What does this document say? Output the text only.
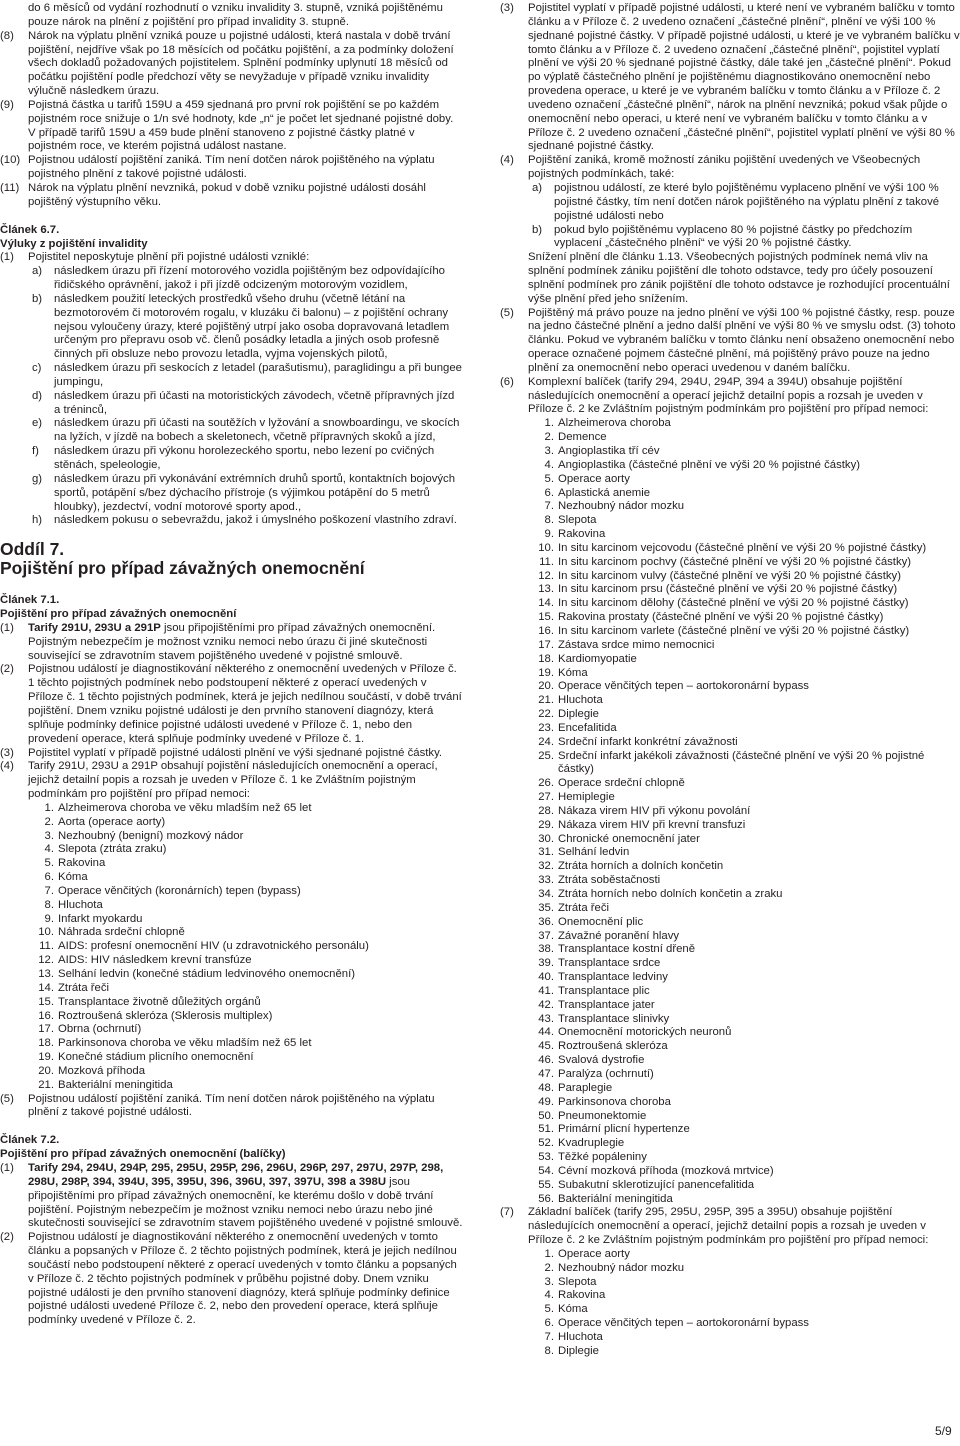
do 6 měsíců od vydání rozhodnutí o vzniku invalidity 3. stupně, vzniká pojištěnému pouze nárok na plnění z pojištění pro případ invalidity 3. stupně.
(8) Nárok na výplatu plnění vzniká pouze u pojistné události, která nastala v době trvání pojištění, nejdříve však po 18 měsících od počátku pojištění, a za podmínky doložení všech dokladů požadovaných pojistitelem. Splnění podmínky uplynutí 18 měsíců od počátku pojištění podle předchozí věty se nevyžaduje v případě vzniku invalidity výlučně následkem úrazu.
(9) Pojistná částka u tarifů 159U a 459 sjednaná pro první rok pojištění se po každém pojistném roce snižuje o 1/n své hodnoty, kde „n“ je počet let sjednané pojistné doby. V případě tarifů 159U a 459 bude plnění stanoveno z pojistné částky platné v pojistném roce, ve kterém pojistná událost nastane.
(10) Pojistnou událostí pojištění zaniká. Tím není dotčen nárok pojištěného na výplatu pojistného plnění z takové pojistné události.
(11) Nárok na výplatu plnění nevzniká, pokud v době vzniku pojistné události dosáhl pojištěný výstupního věku.
Článek 6.7.
Výluky z pojištění invalidity
(1) Pojistitel neposkytuje plnění při pojistné události vzniklé:
a) následkem úrazu při řízení motorového vozidla pojištěným bez odpovídajícího řidičského oprávnění, jakož i při jízdě odcizeným motorovým vozidlem,
b) následkem použití leteckých prostředků všeho druhu (včetně létání na bezmotorovém či motorovém rogalu, v kluzáku či balonu) – z pojištění ochrany nejsou vyloučeny úrazy, které pojištěný utrpí jako osoba dopravovaná letadlem určeným pro přepravu osob vč. členů posádky letadla a jiných osob profesně činných při obsluze nebo provozu letadla, vyjma vojenských pilotů,
c) následkem úrazu při seskocích z letadel (parašutismu), paraglidingu a při bungee jumpingu,
d) následkem úrazu při účasti na motoristických závodech, včetně přípravných jízd a tréninců,
e) následkem úrazu při účasti na soutěžích v lyžování a snowboardingu, ve skocích na lyžích, v jízdě na bobech a skeletonech, včetně přípravných skoků a jízd,
f) následkem úrazu při výkonu horolezeckého sportu, nebo lezení po cvičných stěnách, speleologie,
g) následkem úrazu při vykonávání extrémních druhů sportů, kontaktních bojových sportů, potápění s/bez dýchacího přístroje (s výjimkou potápění do 5 metrů hloubky), jezdectví, vodní motorové sporty apod.,
h) následkem pokusu o sebevraždu, jakož i úmyslného poškození vlastního zdraví.
Oddíl 7.
Pojištění pro případ závažných onemocnění
Článek 7.1.
Pojištění pro případ závažných onemocnění
(1) Tarify 291U, 293U a 291P jsou připojištěními pro případ závažných onemocnění. Pojistným nebezpečím je možnost vzniku nemoci nebo úrazu či jiné skutečnosti související se zdravotním stavem pojištěného uvedené v pojistné smlouvě.
(2) Pojistnou událostí je diagnostikování některého z onemocnění uvedených v Příloze č. 1 těchto pojistných podmínek nebo podstoupení některé z operací uvedených v Příloze č. 1 těchto pojistných podmínek, která je jejich nedílnou součástí, v době trvání pojištění. Dnem vzniku pojistné události je den prvního stanovení diagnózy, která splňuje podmínky definice pojistné události uvedené v Příloze č. 1, nebo den provedení operace, která splňuje podmínky uvedené v Příloze č. 1.
(3) Pojistitel vyplatí v případě pojistné události plnění ve výši sjednané pojistné částky.
(4) Tarify 291U, 293U a 291P obsahují pojistění následujících onemocnění a operací, jejichž detailní popis a rozsah je uveden v Příloze č. 1 ke Zvláštním pojistným podmínkám pro pojištění pro případ nemoci:
1. Alzheimerova choroba ve věku mladším než 65 let
2. Aorta (operace aorty)
3. Nezhoubný (benigní) mozkový nádor
4. Slepota (ztráta zraku)
5. Rakovina
6. Kóma
7. Operace věnčitých (koronárních) tepen (bypass)
8. Hluchota
9. Infarkt myokardu
10. Náhrada srdeční chlopně
11. AIDS: profesní onemocnění HIV (u zdravotnického personálu)
12. AIDS: HIV následkem krevní transfúze
13. Selhání ledvin (konečné stádium ledvinového onemocnění)
14. Ztráta řeči
15. Transplantace životně důležitých orgánů
16. Roztroušená skleróza (Sklerosis multiplex)
17. Obrna (ochrnutí)
18. Parkinsonova choroba ve věku mladším než 65 let
19. Konečné stádium plicního onemocnění
20. Mozková příhoda
21. Bakteriální meningitida
(5) Pojistnou událostí pojištění zaniká. Tím není dotčen nárok pojištěného na výplatu plnění z takové pojistné události.
Článek 7.2.
Pojištění pro případ závažných onemocnění (balíčky)
(1) Tarify 294, 294U, 294P, 295, 295U, 295P, 296, 296U, 296P, 297, 297U, 297P, 298, 298U, 298P, 394, 394U, 395, 395U, 396, 396U, 397, 397U, 398 a 398U jsou připojištěními pro případ závažných onemocnění, ke kterému došlo v době trvání pojištění. Pojistným nebezpečím je možnost vzniku nemoci nebo úrazu nebo jiné skutečnosti související se zdravotním stavem pojištěného uvedené v pojistné smlouvě.
(2) Pojistnou událostí je diagnostikování některého z onemocnění uvedených v tomto článku a popsaných v Příloze č. 2 těchto pojistných podmínek, která je jejich nedílnou součástí nebo podstoupení některé z operací uvedených v tomto článku a popsaných v Příloze č. 2 těchto pojistných podmínek v průběhu pojistné doby. Dnem vzniku pojistné události je den prvního stanovení diagnózy, která splňuje podmínky definice pojistné události uvedené Příloze č. 2, nebo den provedení operace, která splňuje podmínky uvedené v Příloze č. 2.
(3) Pojistitel vyplatí v případě pojistné události, u které není ve vybraném balíčku v tomto článku a v Příloze č. 2 uvedeno označení „částečné plnění“, plnění ve výši 100 % sjednané pojistné částky. V případě pojistné události, u které je ve vybraném balíčku v tomto článku a v Příloze č. 2 uvedeno označení „částečné plnění“, pojistitel vyplatí plnění ve výši 20 % sjednané pojistné částky, dále také jen „částečné plnění“. Pokud po výplatě částečného plnění je pojištěnému diagnostikováno onemocnění nebo provedena operace, u které je ve vybraném balíčku v tomto článku a v Příloze č. 2 uvedeno označení „částečné plnění“, nárok na plnění nevzniká; pokud však půjde o onemocnění nebo operaci, u které není ve vybraném balíčku v tomto článku a v Příloze č. 2 uvedeno označení „částečné plnění“, pojistitel vyplatí plnění ve výši 80 % sjednané pojistné částky.
(4) Pojištění zaniká, kromě možností zániku pojištění uvedených ve Všeobecných pojistných podmínkách, také:
a) pojistnou událostí, ze které bylo pojištěnému vyplaceno plnění ve výši 100 % pojistné částky, tím není dotčen nárok pojištěného na výplatu plnění z takové pojistné události nebo
b) pokud bylo pojištěnému vyplaceno 80 % pojistné částky po předchozím vyplacení „částečného plnění“ ve výši 20 % pojistné částky.
Snížení plnění dle článku 1.13. Všeobecných pojistných podmínek nemá vliv na splnění podmínek zániku pojištění dle tohoto odstavce, tedy pro účely posouzení splnění podmínek pro zánik pojištění dle tohoto odstavce je rozhodující procentuální výše plnění před jeho snížením.
(5) Pojištěný má právo pouze na jedno plnění ve výši 100 % pojistné částky, resp. pouze na jedno částečné plnění a jedno další plnění ve výši 80 % ve smyslu odst. (3) tohoto článku. Pokud ve vybraném balíčku v tomto článku není obsaženo onemocnění nebo operace označené pojmem částečné plnění, má pojištěný právo pouze na jedno plnění za onemocnění nebo operaci uvedenou v daném balíčku.
(6) Komplexní balíček (tarify 294, 294U, 294P, 394 a 394U) obsahuje pojištění následujících onemocnění a operací jejichž detailní popis a rozsah je uveden v Příloze č. 2 ke Zvláštním pojistným podmínkám pro pojištění pro případ nemoci:
1. Alzheimerova choroba
2. Demence
3. Angioplastika tří cév
4. Angioplastika (částečné plnění ve výši 20 % pojistné částky)
5. Operace aorty
6. Aplastická anemie
7. Nezhoubný nádor mozku
8. Slepota
9. Rakovina
10. In situ karcinom vejcovodu (částečné plnění ve výši 20 % pojistné částky)
11. In situ karcinom pochvy (částečné plnění ve výši 20 % pojistné částky)
12. In situ karcinom vulvy (částečné plnění ve výši 20 % pojistné částky)
13. In situ karcinom prsu (částečné plnění ve výši 20 % pojistné částky)
14. In situ karcinom dělohy (částečné plnění ve výši 20 % pojistné částky)
15. Rakovina prostaty (částečné plnění ve výši 20 % pojistné částky)
16. In situ karcinom varlete (částečné plnění ve výši 20 % pojistné částky)
17. Zástava srdce mimo nemocnici
18. Kardiomyopatie
19. Kóma
20. Operace věnčitých tepen – aortokoronární bypass
21. Hluchota
22. Diplegie
23. Encefalitida
24. Srdeční infarkt konkrétní závažnosti
25. Srdeční infarkt jakékoli závažnosti (částečné plnění ve výši 20 % pojistné částky)
26. Operace srdeční chlopně
27. Hemiplegie
28. Nákaza virem HIV při výkonu povolání
29. Nákaza virem HIV při krevní transfuzi
30. Chronické onemocnění jater
31. Selhání ledvin
32. Ztráta horních a dolních končetin
33. Ztráta soběstačnosti
34. Ztráta horních nebo dolních končetin a zraku
35. Ztráta řeči
36. Onemocnění plic
37. Závažné poranění hlavy
38. Transplantace kostní dřeně
39. Transplantace srdce
40. Transplantace ledviny
41. Transplantace plic
42. Transplantace jater
43. Transplantace slinivky
44. Onemocnění motorických neuronů
45. Roztroušená skleróza
46. Svalová dystrofie
47. Paralýza (ochrnutí)
48. Paraplegie
49. Parkinsonova choroba
50. Pneumonektomie
51. Primární plicní hypertenze
52. Kvadruplegie
53. Těžké popáleniny
54. Cévní mozková příhoda (mozková mrtvice)
55. Subakutní sklerotizující panencefalitida
56. Bakteriální meningitida
(7) Základní balíček (tarify 295, 295U, 295P, 395 a 395U) obsahuje pojištění následujících onemocnění a operací, jejichž detailní popis a rozsah je uveden v Příloze č. 2 ke Zvláštním pojistným podmínkám pro pojištění pro případ nemoci:
1. Operace aorty
2. Nezhoubný nádor mozku
3. Slepota
4. Rakovina
5. Kóma
6. Operace věnčitých tepen – aortokoronární bypass
7. Hluchota
8. Diplegie
5/9
